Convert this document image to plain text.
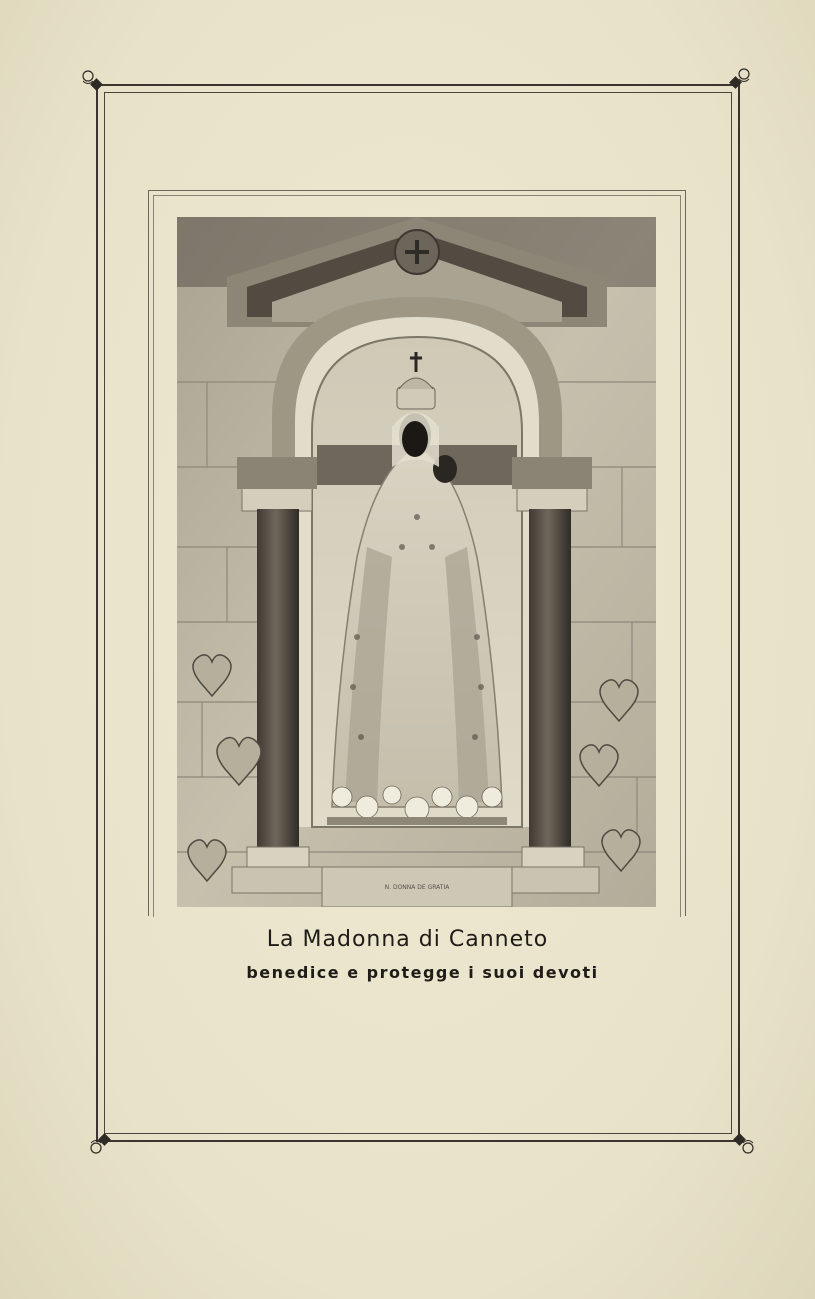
N. DONNA DE GRATIA
La Madonna di Canneto
benedice e protegge i suoi devoti
